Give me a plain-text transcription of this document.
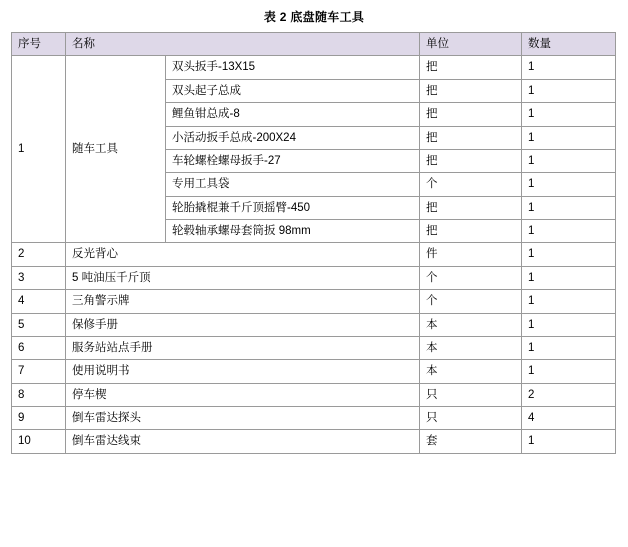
表 2 底盘随车工具
序号	名称		单位	数量
1	随车工具	双头扳手-13X15	把	1
		双头起子总成	把	1
		鲤鱼钳总成-8	把	1
		小活动扳手总成-200X24	把	1
		车轮螺栓螺母扳手-27	把	1
		专用工具袋	个	1
		轮胎撬棍兼千斤顶摇臂-450	把	1
		轮毂轴承螺母套筒扳 98mm	把	1
2	反光背心		件	1
3	5 吨油压千斤顶		个	1
4	三角警示牌		个	1
5	保修手册		本	1
6	服务站站点手册		本	1
7	使用说明书		本	1
8	停车楔		只	2
9	倒车雷达探头		只	4
10	倒车雷达线束		套	1
